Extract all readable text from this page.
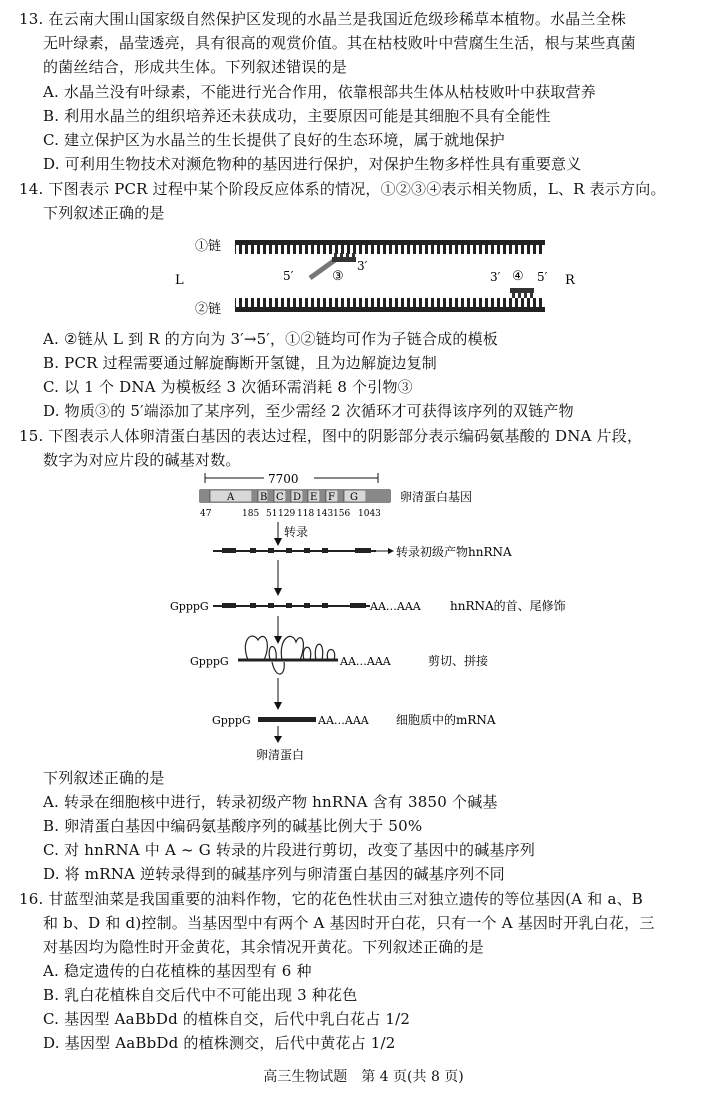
13. 在云南大围山国家级自然保护区发现的水晶兰是我国近危级珍稀草本植物。水晶兰全株
无叶绿素，晶莹透亮，具有很高的观赏价值。其在枯枝败叶中营腐生生活，根与某些真菌
的菌丝结合，形成共生体。下列叙述错误的是
A. 水晶兰没有叶绿素，不能进行光合作用，依靠根部共生体从枯枝败叶中获取营养
B. 利用水晶兰的组织培养还未获成功，主要原因可能是其细胞不具有全能性
C. 建立保护区为水晶兰的生长提供了良好的生态环境，属于就地保护
D. 可利用生物技术对濒危物种的基因进行保护，对保护生物多样性具有重要意义
14. 下图表示 PCR 过程中某个阶段反应体系的情况，①②③④表示相关物质，L、R 表示方向。
下列叙述正确的是
①链
L	R
②链
5′	③
3′
3′ ④ 5′
A. ②链从 L 到 R 的方向为 3′→5′，①②链均可作为子链合成的模板
B. PCR 过程需要通过解旋酶断开氢键，且为边解旋边复制
C. 以 1 个 DNA 为模板经 3 次循环需消耗 8 个引物③
D. 物质③的 5′端添加了某序列，至少需经 2 次循环才可获得该序列的双链产物
15. 下图表示人体卵清蛋白基因的表达过程，图中的阴影部分表示编码氨基酸的 DNA 片段，
数字为对应片段的碱基对数。
7700
A	B C D E F G	卵清蛋白基因
47	185 51 129 118 143 156 1043
转录
转录初级产物hnRNA
GpppG	AA…AAA hnRNA的首、尾修饰
GpppG	AA…AAA	剪切、拼接
GpppG	AA…AAA 细胞质中的mRNA
卵清蛋白
下列叙述正确的是
A. 转录在细胞核中进行，转录初级产物 hnRNA 含有 3850 个碱基
B. 卵清蛋白基因中编码氨基酸序列的碱基比例大于 50%
C. 对 hnRNA 中 A ~ G 转录的片段进行剪切，改变了基因中的碱基序列
D. 将 mRNA 逆转录得到的碱基序列与卵清蛋白基因的碱基序列不同
16. 甘蓝型油菜是我国重要的油料作物，它的花色性状由三对独立遗传的等位基因(A 和 a、B
和 b、D 和 d)控制。当基因型中有两个 A 基因时开白花，只有一个 A 基因时开乳白花，三
对基因均为隐性时开金黄花，其余情况开黄花。下列叙述正确的是
A. 稳定遗传的白花植株的基因型有 6 种
B. 乳白花植株自交后代中不可能出现 3 种花色
C. 基因型 AaBbDd 的植株自交，后代中乳白花占 1/2
D. 基因型 AaBbDd 的植株测交，后代中黄花占 1/2
高三生物试题　第 4 页(共 8 页)
